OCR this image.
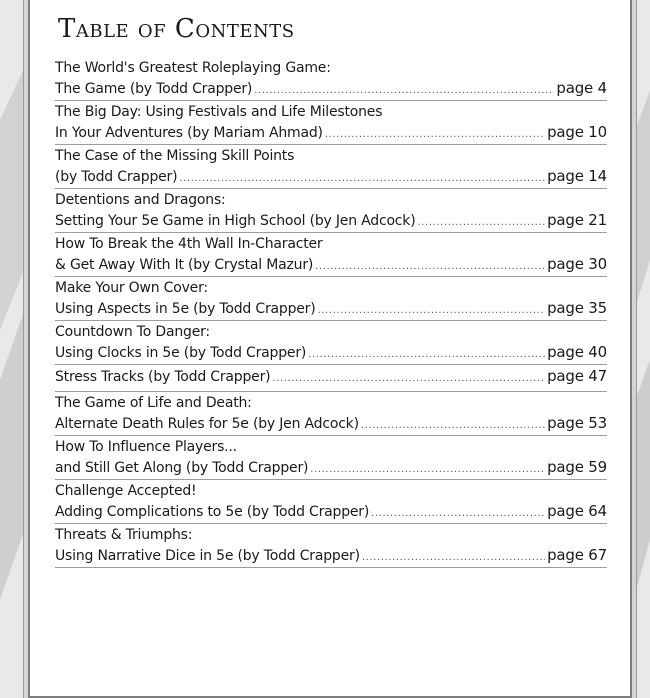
Table of Contents
The World's Greatest Roleplaying Game:
The Game (by Todd Crapper) .....	page 4
The Big Day: Using Festivals and Life Milestones
In Your Adventures (by Mariam Ahmad) .....	page 10
The Case of the Missing Skill Points
(by Todd Crapper) .....	page 14
Detentions and Dragons:
Setting Your 5e Game in High School (by Jen Adcock) .....	page 21
How To Break the 4th Wall In-Character
& Get Away With It (by Crystal Mazur) .....	page 30
Make Your Own Cover:
Using Aspects in 5e (by Todd Crapper) .....	page 35
Countdown To Danger:
Using Clocks in 5e (by Todd Crapper) .....	page 40
Stress Tracks (by Todd Crapper) .....	page 47
The Game of Life and Death:
Alternate Death Rules for 5e (by Jen Adcock) .....	page 53
How To Influence Players...
and Still Get Along (by Todd Crapper) .....	page 59
Challenge Accepted!
Adding Complications to 5e (by Todd Crapper) .....	page 64
Threats & Triumphs:
Using Narrative Dice in 5e (by Todd Crapper) .....	page 67
